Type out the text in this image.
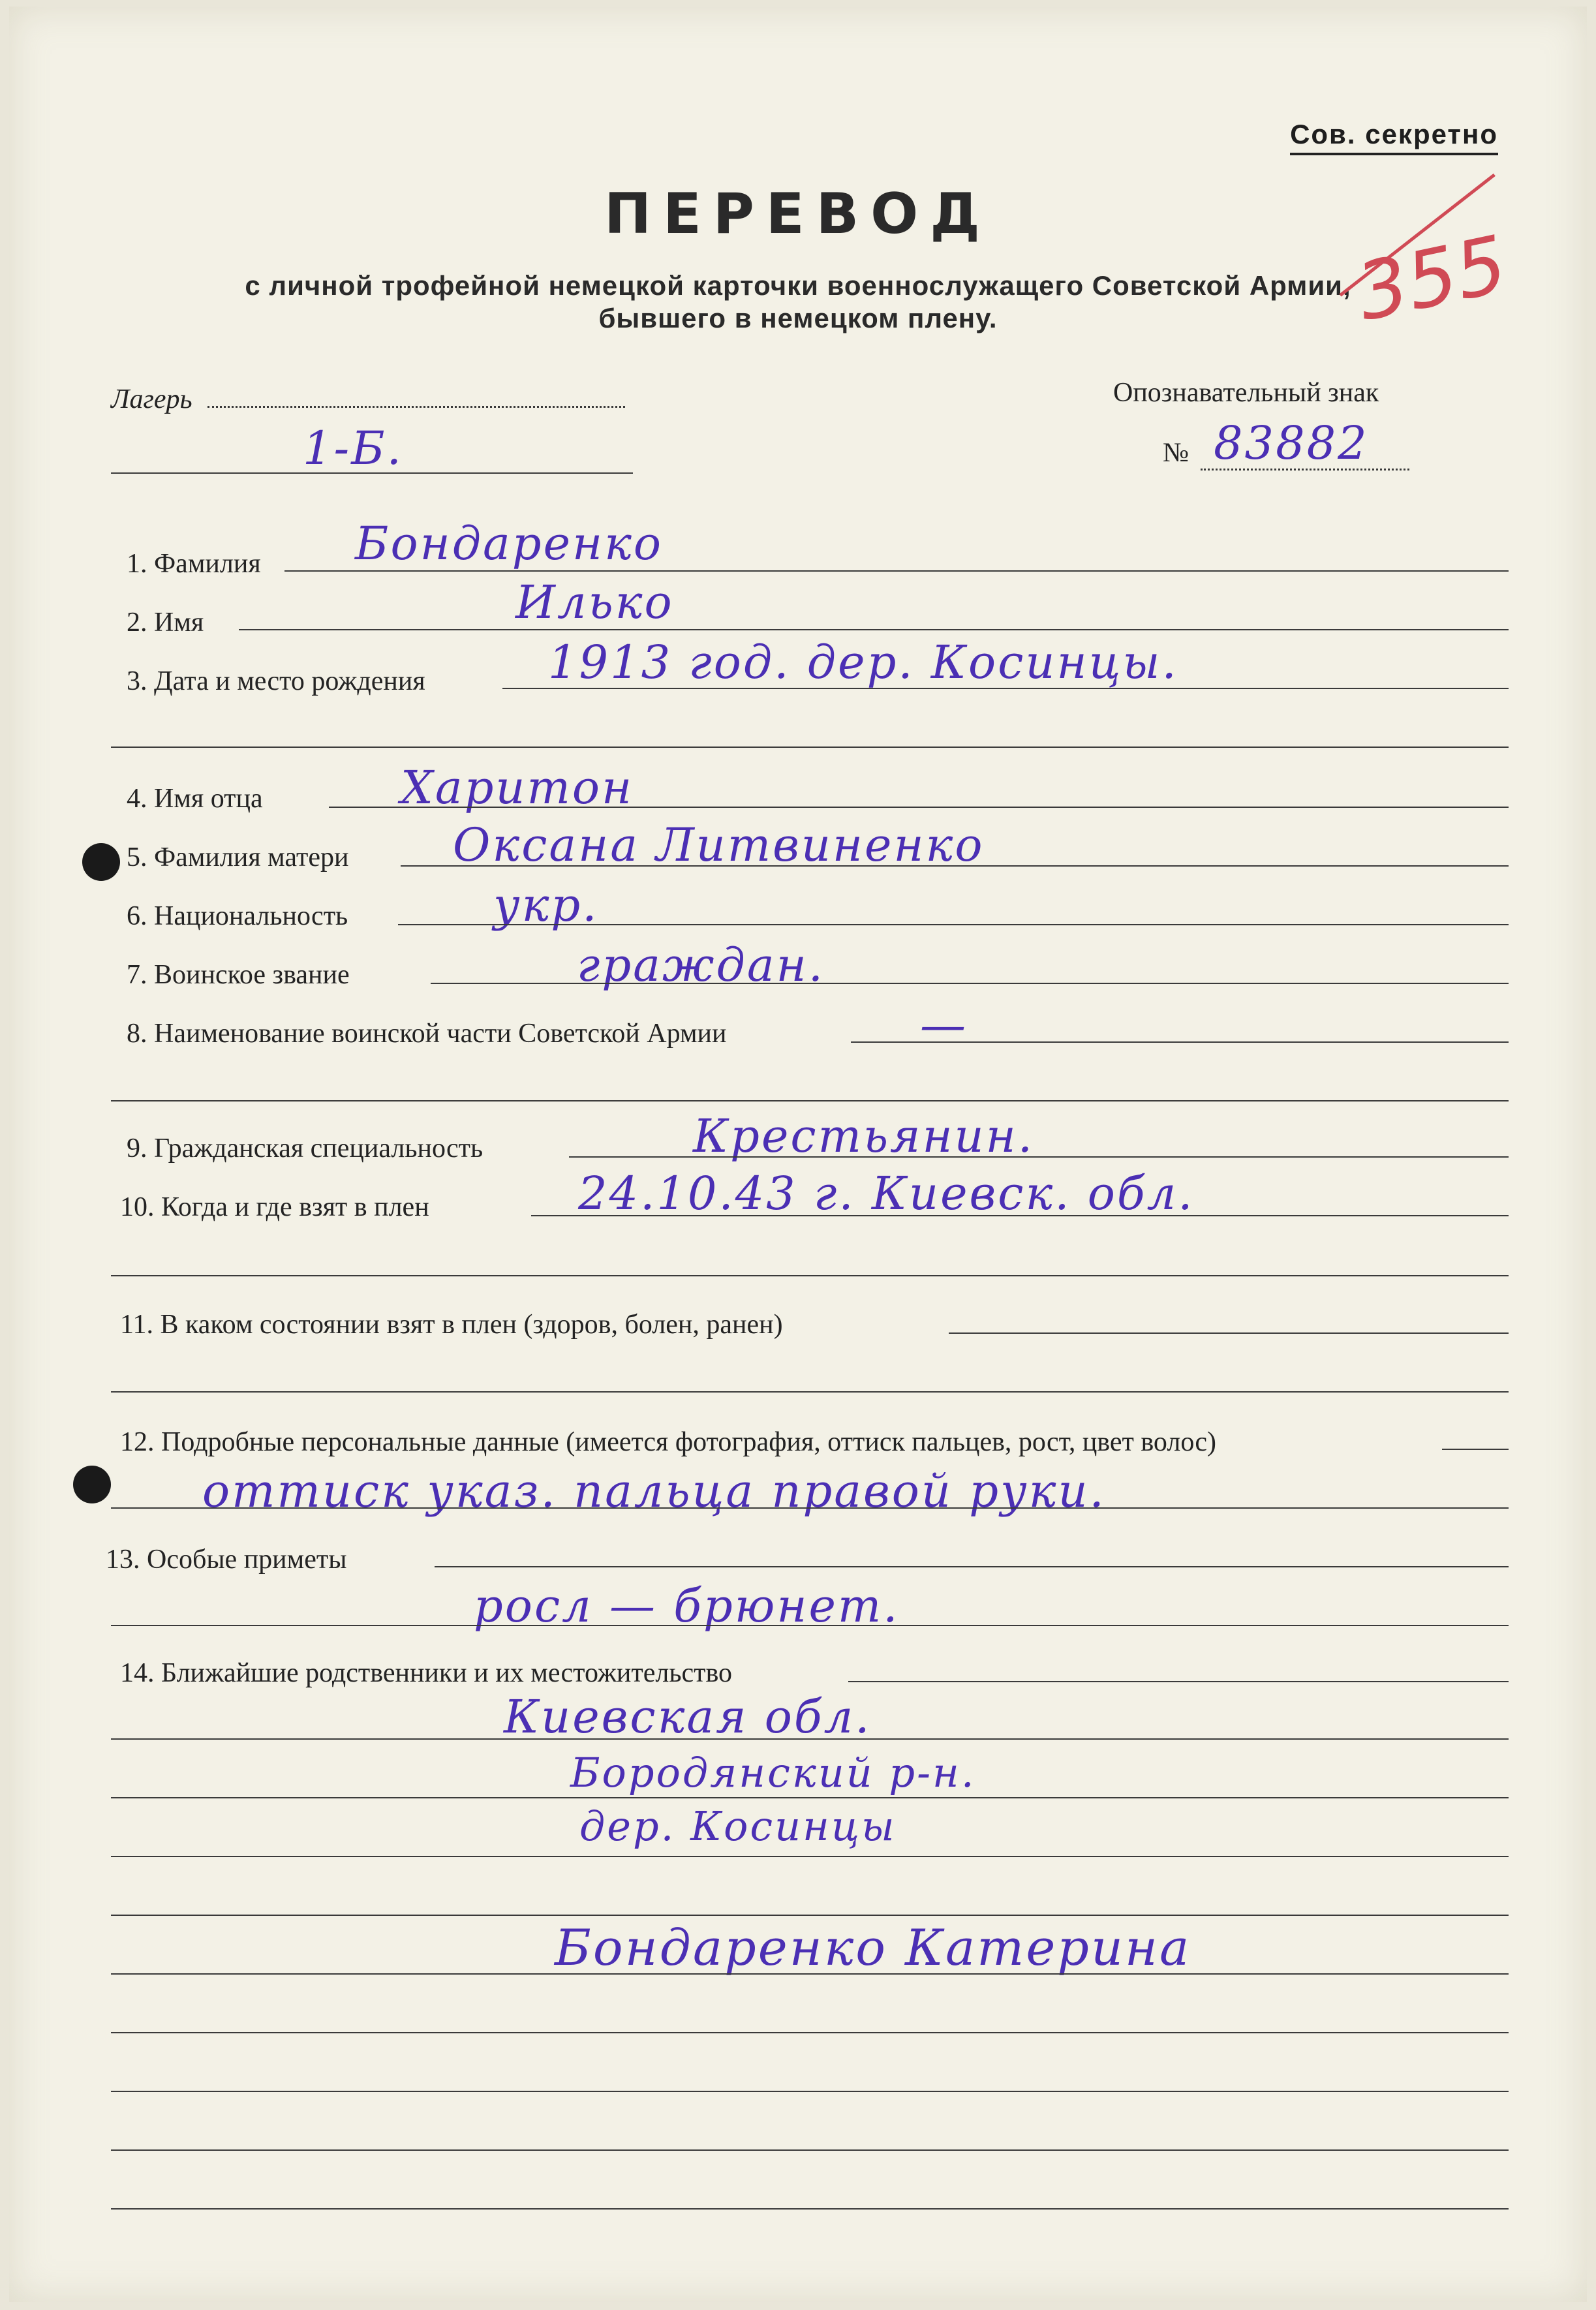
Сов. секретно
ПЕРЕВОД
с личной трофейной немецкой карточки военнослужащего Советской Армии,
бывшего в немецком плену.	355
Лагерь
1-Б.
Опознавательный знак
№ 83882
1. Фамилия Бондаренко
2. Имя	Илько
3. Дата и место рождения	1913 год. дер. Косинцы.
4. Имя отца	Харитон
5. Фамилия матери Оксана Литвиненко
6. Национальность	укр.
7. Воинское звание	граждан.
8. Наименование воинской части Советской Армии	—
9. Гражданская специальность	Крестьянин.
10. Когда и где взят в плен	24.10.43 г. Киевск. обл.
11. В каком состоянии взят в плен (здоров, болен, ранен)
12. Подробные персональные данные (имеется фотография, оттиск пальцев, рост, цвет волос)
оттиск указ. пальца правой руки.
13. Особые приметы
росл — брюнет.
14. Ближайшие родственники и их местожительство
Киевская обл.
Бородянский р-н.
дер. Косинцы
Бондаренко Катерина
